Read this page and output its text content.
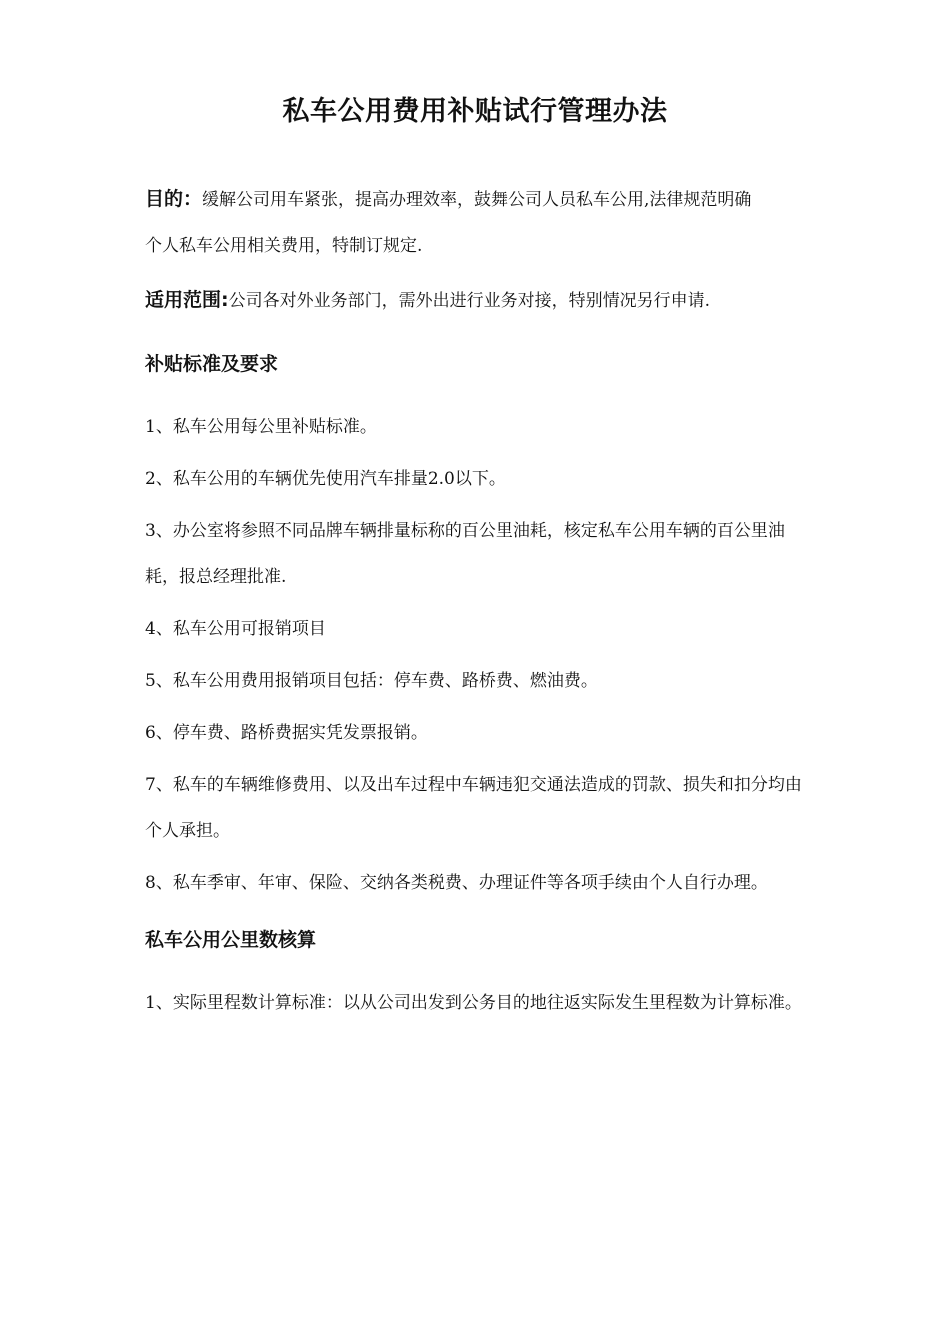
私车公用费用补贴试行管理办法

目的：缓解公司用车紧张，提高办理效率，鼓舞公司人员私车公用,法律规范明确

个人私车公用相关费用，特制订规定.

适用范围:公司各对外业务部门，需外出进行业务对接，特别情况另行申请.

补贴标准及要求

1、私车公用每公里补贴标准。

2、私车公用的车辆优先使用汽车排量2.0以下。

3、办公室将参照不同品牌车辆排量标称的百公里油耗，核定私车公用车辆的百公里油耗，报总经理批准.

4、私车公用可报销项目

5、私车公用费用报销项目包括：停车费、路桥费、燃油费。

6、停车费、路桥费据实凭发票报销。

7、私车的车辆维修费用、以及出车过程中车辆违犯交通法造成的罚款、损失和扣分均由个人承担。

8、私车季审、年审、保险、交纳各类税费、办理证件等各项手续由个人自行办理。

私车公用公里数核算

1、实际里程数计算标准：以从公司出发到公务目的地往返实际发生里程数为计算标准。
